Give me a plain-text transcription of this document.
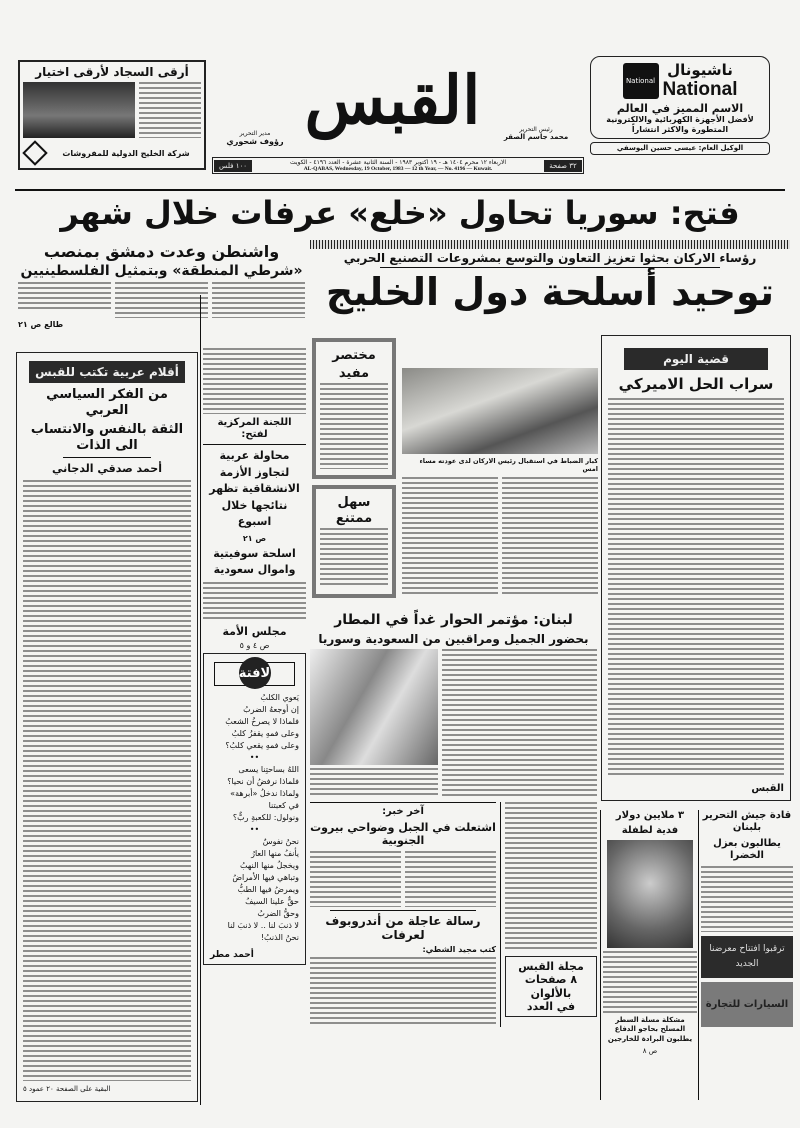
ناشيونال
National
National
الاسم المميز في العالم
لأفضل الأجهزة الكهربائية والالكترونية
المتطورة والاكثر انتشاراً
الوكيل العام: عيسى حسين اليوسفي
القبس	رئيس التحرير
محمد جاسم الصقر
مدير التحرير
رؤوف شحوري
٣٢ صفحة
الاربعاء ١٢ محرم ١٤٠٤ هـ - ١٩ اكتوبر ١٩٨٣ - السنة الثانية عشرة - العدد ٤١٩٦ - الكويت
AL-QABAS, Wednesday, 19 October, 1983 — 12 th Year, — No. 4196 — Kuwait.
١٠٠ فلس
أرقى السجاد لأرقى اختيار
شركة الخليج الدولية للمفروشات
فتح: سوريا تحاول «خلع» عرفات خلال شهر
رؤساء الاركان بحثوا تعزيز التعاون والتوسع بمشروعات التصنيع الحربي
توحيد أسلحة دول الخليج
واشنطن وعدت دمشق بمنصب
«شرطي المنطقة» وبتمثيل الفلسطينيين
طالع ص ٢١
أقلام عربية تكتب للقبس
من الفكر السياسي العربي
الثقة بالنفس والانتساب الى الذات
أحمد صدقي الدجاني
البقية على الصفحة ٢٠ عمود ٥
اللجنة المركزية لفتح:
محاولة عربية لتجاوز الأزمة الانشقاقية تظهر نتائجها خلال اسبوع
ص ٢١
اسلحة سوفيتية واموال سعودية
مجلس الأمة
ص ٤ و ٥
لافتة
يَعوي الكلبُ
إن أوجعهُ الضربُ
فلماذا لا يصرخُ الشعبُ
وعلى فمهِ يقفزُ كلبُ
وعلى فمهِ يقعي كلبُ؟
••
اللهُ بساحتِنا يسعى
فلماذا نرفضُ أن نحيا؟
ولماذا ندخلُ «أبرهة»
في كعبتنا
ونولول: للكعبةِ ربٌّ؟
••
نحنُ نفوسٌ
يأنفُ منها العارُ
ويخجلُ منها النهبُ
وتباهي فيها الأمراضُ
ويمرضُ فيها الطبُّ
حقٌّ علينا السيفُ
وحقُّ الضربُ
لا ذنبَ لنا .. لا ذنبَ لنا
نحنُ الذنبُ!
أحمد مطر
مختصر
مفيد
سهل ممتنع
كبار الضباط في استقبال رئيس الاركان لدى عودته مساء امس
قضية اليوم
سراب الحل الاميركي
القبس
لبنان: مؤتمر الحوار غداً في المطار
بحضور الجميل ومراقبين من السعودية وسوريا
مجلة القبس
٨ صفحات
بالألوان
في العدد
آخر خبر:
اشتعلت في الجبل وضواحي بيروت الجنوبية
رسالة عاجلة من أندروبوف لعرفات
كتب مجيد الشطي:
٣ ملايين دولار
فدية لطفلة
مشكلة مسلة السطر المسلح بحاجو الدفاع يطلبون البرادة للخارجين
ص ٨
قادة جيش التحرير بلبنان
يطالبون بعزل الخضرا
ترقبوا افتتاح معرضنا الجديد
السيارات للتجارة
